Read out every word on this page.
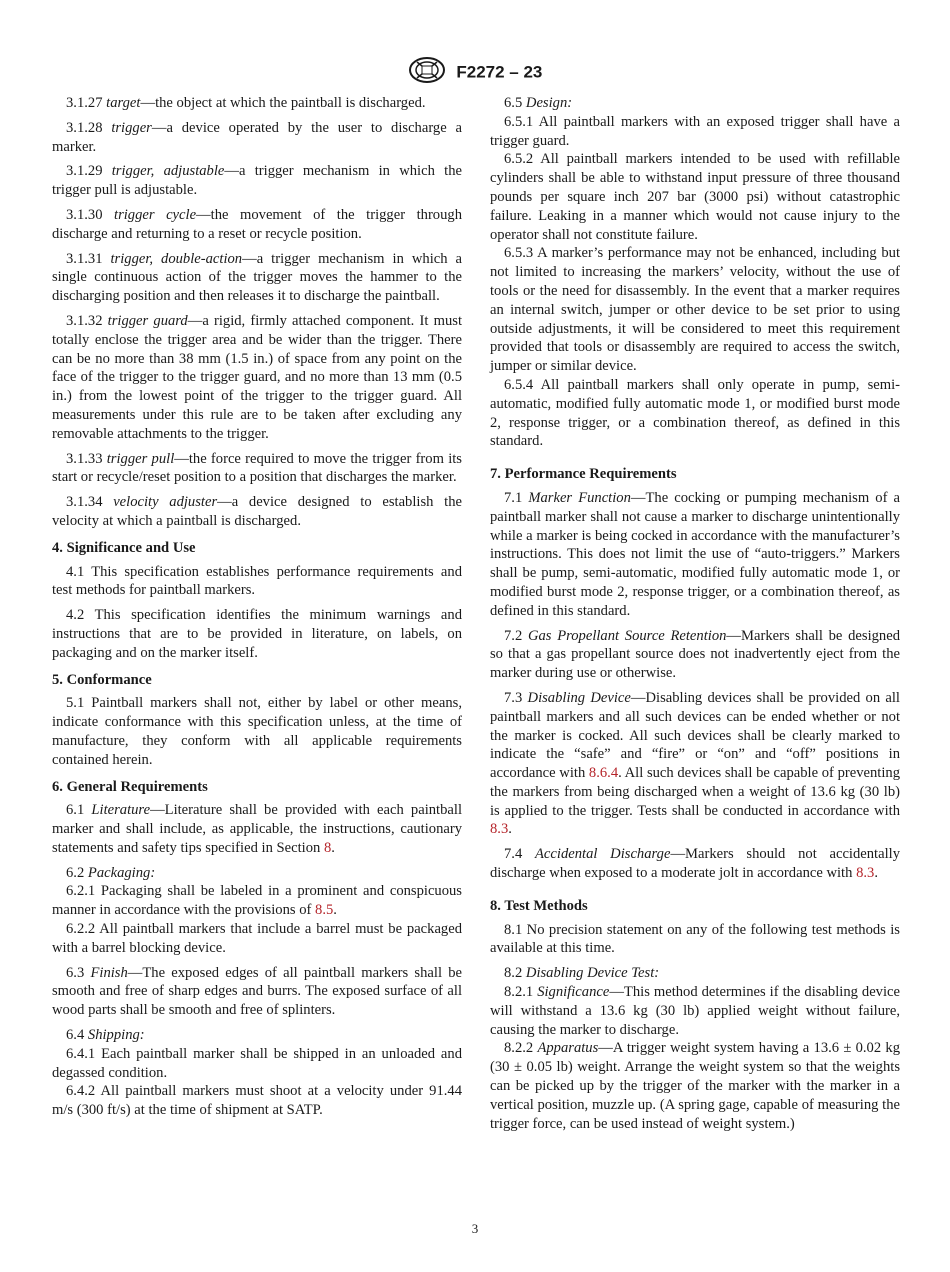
F2272 – 23

3.1.27 target—the object at which the paintball is discharged.

3.1.28 trigger—a device operated by the user to discharge a marker.

3.1.29 trigger, adjustable—a trigger mechanism in which the trigger pull is adjustable.

3.1.30 trigger cycle—the movement of the trigger through discharge and returning to a reset or recycle position.

3.1.31 trigger, double-action—a trigger mechanism in which a single continuous action of the trigger moves the hammer to the discharging position and then releases it to discharge the paintball.

3.1.32 trigger guard—a rigid, firmly attached component. It must totally enclose the trigger area and be wider than the trigger. There can be no more than 38 mm (1.5 in.) of space from any point on the face of the trigger to the trigger guard, and no more than 13 mm (0.5 in.) from the lowest point of the trigger to the trigger guard. All measurements under this rule are to be taken after excluding any removable attachments to the trigger.

3.1.33 trigger pull—the force required to move the trigger from its start or recycle/reset position to a position that discharges the marker.

3.1.34 velocity adjuster—a device designed to establish the velocity at which a paintball is discharged.

4. Significance and Use

4.1 This specification establishes performance requirements and test methods for paintball markers.

4.2 This specification identifies the minimum warnings and instructions that are to be provided in literature, on labels, on packaging and on the marker itself.

5. Conformance

5.1 Paintball markers shall not, either by label or other means, indicate conformance with this specification unless, at the time of manufacture, they conform with all applicable requirements contained herein.

6. General Requirements

6.1 Literature—Literature shall be provided with each paintball marker and shall include, as applicable, the instructions, cautionary statements and safety tips specified in Section 8.

6.2 Packaging:

6.2.1 Packaging shall be labeled in a prominent and conspicuous manner in accordance with the provisions of 8.5.

6.2.2 All paintball markers that include a barrel must be packaged with a barrel blocking device.

6.3 Finish—The exposed edges of all paintball markers shall be smooth and free of sharp edges and burrs. The exposed surface of all wood parts shall be smooth and free of splinters.

6.4 Shipping:

6.4.1 Each paintball marker shall be shipped in an unloaded and degassed condition.

6.4.2 All paintball markers must shoot at a velocity under 91.44 m/s (300 ft/s) at the time of shipment at SATP.

6.5 Design:

6.5.1 All paintball markers with an exposed trigger shall have a trigger guard.

6.5.2 All paintball markers intended to be used with refillable cylinders shall be able to withstand input pressure of three thousand pounds per square inch 207 bar (3000 psi) without catastrophic failure. Leaking in a manner which would not cause injury to the operator shall not constitute failure.

6.5.3 A marker’s performance may not be enhanced, including but not limited to increasing the markers’ velocity, without the use of tools or the need for disassembly. In the event that a marker requires an internal switch, jumper or other device to be set prior to using outside adjustments, it will be considered to meet this requirement provided that tools or disassembly are required to access the switch, jumper or similar device.

6.5.4 All paintball markers shall only operate in pump, semi-automatic, modified fully automatic mode 1, or modified burst mode 2, response trigger, or a combination thereof, as defined in this standard.

7. Performance Requirements

7.1 Marker Function—The cocking or pumping mechanism of a paintball marker shall not cause a marker to discharge unintentionally while a marker is being cocked in accordance with the manufacturer’s instructions. This does not limit the use of “auto-triggers.” Markers shall be pump, semi-automatic, modified fully automatic mode 1, or modified burst mode 2, response trigger, or a combination thereof, as defined in this standard.

7.2 Gas Propellant Source Retention—Markers shall be designed so that a gas propellant source does not inadvertently eject from the marker during use or otherwise.

7.3 Disabling Device—Disabling devices shall be provided on all paintball markers and all such devices can be ended whether or not the marker is cocked. All such devices shall be clearly marked to indicate the “safe” and “fire” or “on” and “off” positions in accordance with 8.6.4. All such devices shall be capable of preventing the markers from being discharged when a weight of 13.6 kg (30 lb) is applied to the trigger. Tests shall be conducted in accordance with 8.3.

7.4 Accidental Discharge—Markers should not accidentally discharge when exposed to a moderate jolt in accordance with 8.3.

8. Test Methods

8.1 No precision statement on any of the following test methods is available at this time.

8.2 Disabling Device Test:

8.2.1 Significance—This method determines if the disabling device will withstand a 13.6 kg (30 lb) applied weight without failure, causing the marker to discharge.

8.2.2 Apparatus—A trigger weight system having a 13.6 ± 0.02 kg (30 ± 0.05 lb) weight. Arrange the weight system so that the weights can be picked up by the trigger of the marker with the marker in a vertical position, muzzle up. (A spring gage, capable of measuring the trigger force, can be used instead of weight system.)

3
